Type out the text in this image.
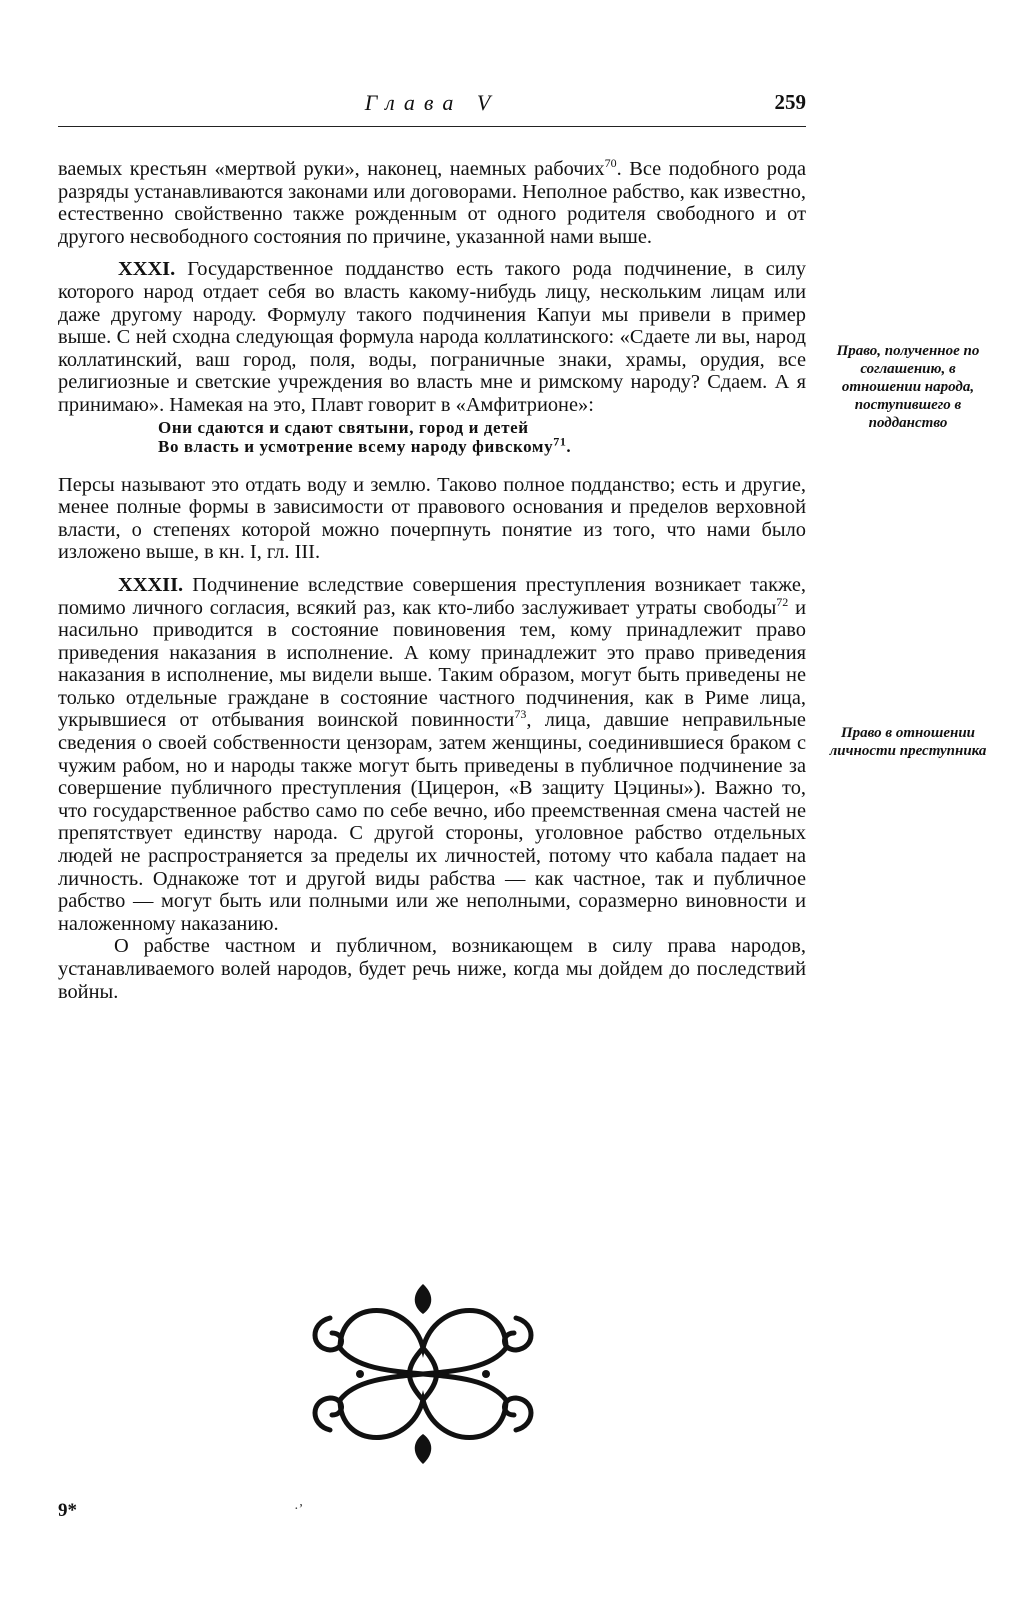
Глава V	259

ваемых крестьян «мертвой руки», наконец, наемных рабочих$^{70}$. Все подобного рода разряды устанавливаются законами или договорами. Неполное рабство, как известно, естественно свойственно также рожденным от одного родителя свободного и от другого несвободного состояния по причине, указанной нами выше.

XXXI. Государственное подданство есть такого рода подчинение, в силу которого народ отдает себя во власть какому-нибудь лицу, нескольким лицам или даже другому народу. Формулу такого подчинения Капуи мы привели в пример выше. С ней сходна следующая формула народа коллатинского: «Сдаете ли вы, народ коллатинский, ваш город, поля, воды, пограничные знаки, храмы, орудия, все религиозные и светские учреждения во власть мне и римскому народу? Сдаем. А я принимаю». Намекая на это, Плавт говорит в «Амфитрионе»:

Они сдаются и сдают святыни, город и детей
Во власть и усмотрение всему народу фивскому$^{71}$.

Персы называют это отдать воду и землю. Таково полное подданство; есть и другие, менее полные формы в зависимости от правового основания и пределов верховной власти, о степенях которой можно почерпнуть понятие из того, что нами было изложено выше, в кн. I, гл. III.

XXXII. Подчинение вследствие совершения преступления возникает также, помимо личного согласия, всякий раз, как кто-либо заслуживает утраты свободы$^{72}$ и насильно приводится в состояние повиновения тем, кому принадлежит право приведения наказания в исполнение. А кому принадлежит это право приведения наказания в исполнение, мы видели выше. Таким образом, могут быть приведены не только отдельные граждане в состояние частного подчинения, как в Риме лица, укрывшиеся от отбывания воинской повинности$^{73}$, лица, давшие неправильные сведения о своей собственности цензорам, затем женщины, соединившиеся браком с чужим рабом, но и народы также могут быть приведены в публичное подчинение за совершение публичного преступления (Цицерон, «В защиту Цэцины»). Важно то, что государственное рабство само по себе вечно, ибо преемственная смена частей не препятствует единству народа. С другой стороны, уголовное рабство отдельных людей не распространяется за пределы их личностей, потому что кабала падает на личность. Однакоже тот и другой виды рабства — как частное, так и публичное рабство — могут быть или полными или же неполными, соразмерно виновности и наложенному наказанию.

О рабстве частном и публичном, возникающем в силу права народов, устанавливаемого волей народов, будет речь ниже, когда мы дойдем до последствий войны.

Право, полученное по соглашению, в отношении народа, поступившего в подданство
Право в отношении личности преступника
9*	·ʼ
